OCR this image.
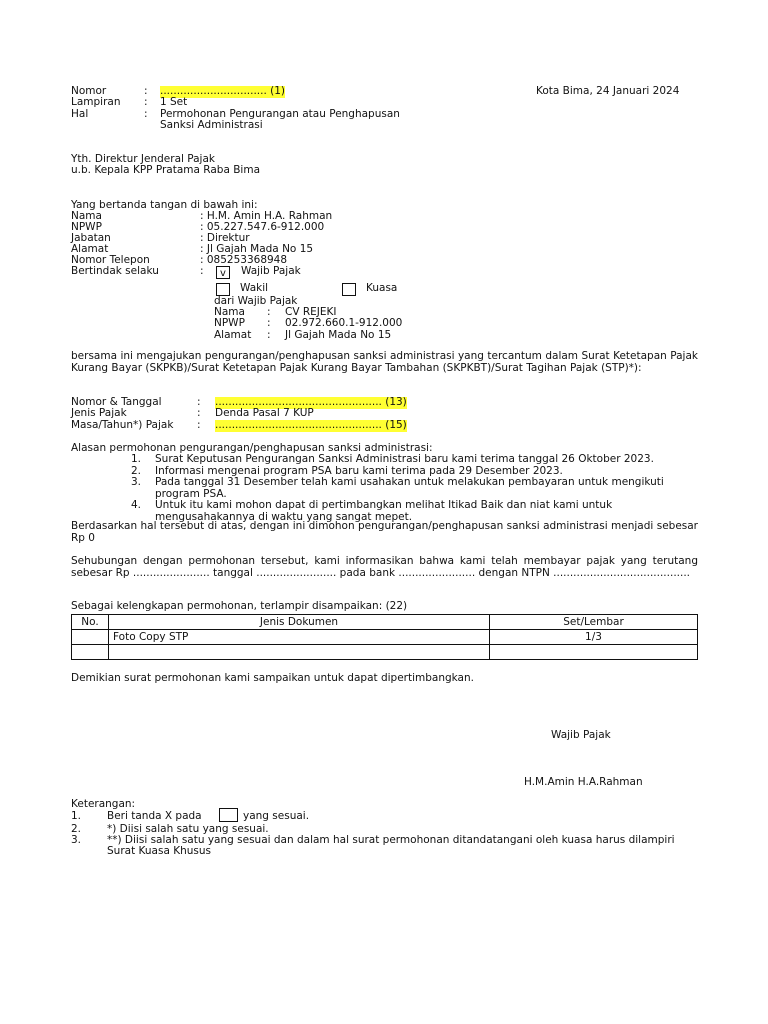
Nomor	: ................................ (1)	Kota Bima, 24 Januari 2024
Lampiran : 1 Set
Hal	: Permohonan Pengurangan atau Penghapusan
Sanksi Administrasi
Yth. Direktur Jenderal Pajak
u.b. Kepala KPP Pratama Raba Bima
Yang bertanda tangan di bawah ini:
Nama	: H.M. Amin H.A. Rahman
NPWP	: 05.227.547.6-912.000
Jabatan	: Direktur
Alamat	: Jl Gajah Mada No 15
Nomor Telepon	: 085253368948
Bertindak selaku	:	v	Wajib Pajak
Wakil	Kuasa
dari Wajib Pajak
Nama : CV REJEKI
NPWP : 02.972.660.1-912.000
Alamat : Jl Gajah Mada No 15
bersama ini mengajukan pengurangan/penghapusan sanksi administrasi yang tercantum dalam Surat Ketetapan Pajak Kurang Bayar (SKPKB)/Surat Ketetapan Pajak Kurang Bayar Tambahan (SKPKBT)/Surat Tagihan Pajak (STP)*):
Nomor & Tanggal	: .................................................. (13)
Jenis Pajak	: Denda Pasal 7 KUP
Masa/Tahun*) Pajak : .................................................. (15)
Alasan permohonan pengurangan/penghapusan sanksi administrasi:
1. Surat Keputusan Pengurangan Sanksi Administrasi baru kami terima tanggal 26 Oktober 2023.
2. Informasi mengenai program PSA baru kami terima pada 29 Desember 2023.
3. Pada tanggal 31 Desember telah kami usahakan untuk melakukan pembayaran untuk mengikuti program PSA.
4. Untuk itu kami mohon dapat di pertimbangkan melihat Itikad Baik dan niat kami untuk mengusahakannya di waktu yang sangat mepet.
Berdasarkan hal tersebut di atas, dengan ini dimohon pengurangan/penghapusan sanksi administrasi menjadi sebesar Rp 0
Sehubungan dengan permohonan tersebut, kami informasikan bahwa kami telah membayar pajak yang terutang sebesar Rp ....................... tanggal ........................ pada bank ....................... dengan NTPN .........................................
Sebagai kelengkapan permohonan, terlampir disampaikan: (22)
No.	Jenis Dokumen	Set/Lembar
	Foto Copy STP	1/3

Demikian surat permohonan kami sampaikan untuk dapat dipertimbangkan.
Wajib Pajak
H.M.Amin H.A.Rahman
Keterangan:
1. Beri tanda X pada	yang sesuai.
2. *) Diisi salah satu yang sesuai.
3. **) Diisi salah satu yang sesuai dan dalam hal surat permohonan ditandatangani oleh kuasa harus dilampiri
Surat Kuasa Khusus
